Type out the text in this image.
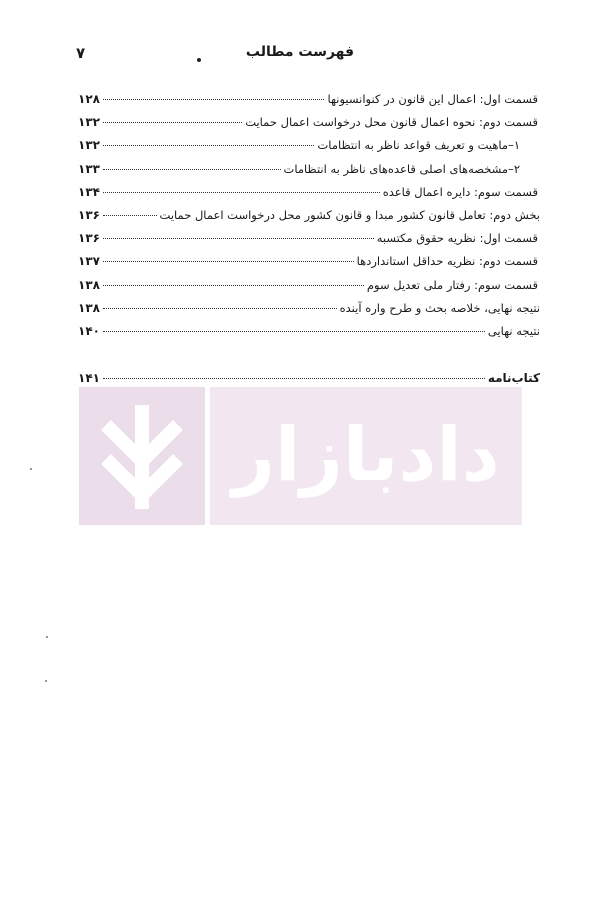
۷	فهرست مطالب
قسمت اول: اعمال این قانون در کنوانسیونها
۱۲۸
قسمت دوم: نحوه اعمال قانون محل درخواست اعمال حمایت
۱۳۲
۱–ماهیت و تعریف قواعد ناظر به انتظامات
۱۳۲
۲–مشخصه‌های اصلی قاعده‌های ناظر به انتظامات
۱۳۳
قسمت سوم: دایره اعمال قاعده
۱۳۴
بخش دوم: تعامل قانون کشور مبدا و قانون کشور محل درخواست اعمال حمایت
۱۳۶
قسمت اول: نظریه حقوق مکتسبه
۱۳۶
قسمت دوم: نظریه حداقل استانداردها
۱۳۷
قسمت سوم: رفتار ملی تعدیل سوم
۱۳۸
نتیجه نهایی، خلاصه بحث و طرح واره آینده
۱۳۸
نتیجه نهایی
۱۴۰
کتاب‌نامه
۱۴۱
دادبازار
